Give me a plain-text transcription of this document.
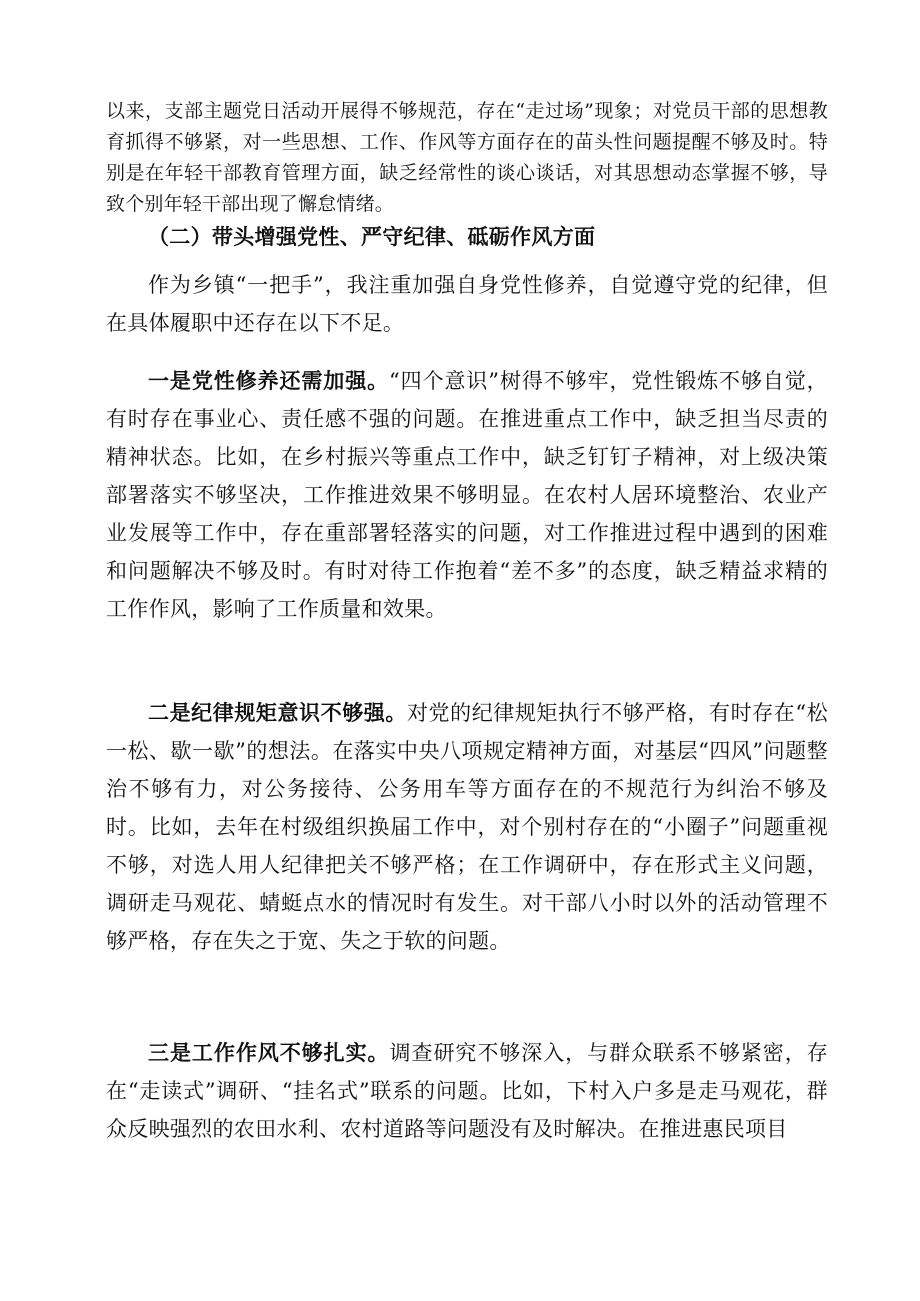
以来，支部主题党日活动开展得不够规范，存在“走过场”现象；对党员干部的思想教育抓得不够紧，对一些思想、工作、作风等方面存在的苗头性问题提醒不够及时。特别是在年轻干部教育管理方面，缺乏经常性的谈心谈话，对其思想动态掌握不够，导致个别年轻干部出现了懈怠情绪。
（二）带头增强党性、严守纪律、砥砺作风方面
作为乡镇“一把手”，我注重加强自身党性修养，自觉遵守党的纪律，但在具体履职中还存在以下不足。
一是党性修养还需加强。“四个意识”树得不够牢，党性锻炼不够自觉，有时存在事业心、责任感不强的问题。在推进重点工作中，缺乏担当尽责的精神状态。比如，在乡村振兴等重点工作中，缺乏钉钉子精神，对上级决策部署落实不够坚决，工作推进效果不够明显。在农村人居环境整治、农业产业发展等工作中，存在重部署轻落实的问题，对工作推进过程中遇到的困难和问题解决不够及时。有时对待工作抱着“差不多”的态度，缺乏精益求精的工作作风，影响了工作质量和效果。
二是纪律规矩意识不够强。对党的纪律规矩执行不够严格，有时存在“松一松、歇一歇”的想法。在落实中央八项规定精神方面，对基层“四风”问题整治不够有力，对公务接待、公务用车等方面存在的不规范行为纠治不够及时。比如，去年在村级组织换届工作中，对个别村存在的“小圈子”问题重视不够，对选人用人纪律把关不够严格；在工作调研中，存在形式主义问题，调研走马观花、蜻蜓点水的情况时有发生。对干部八小时以外的活动管理不够严格，存在失之于宽、失之于软的问题。
三是工作作风不够扎实。调查研究不够深入，与群众联系不够紧密，存在“走读式”调研、“挂名式”联系的问题。比如，下村入户多是走马观花，群众反映强烈的农田水利、农村道路等问题没有及时解决。在推进惠民项目
